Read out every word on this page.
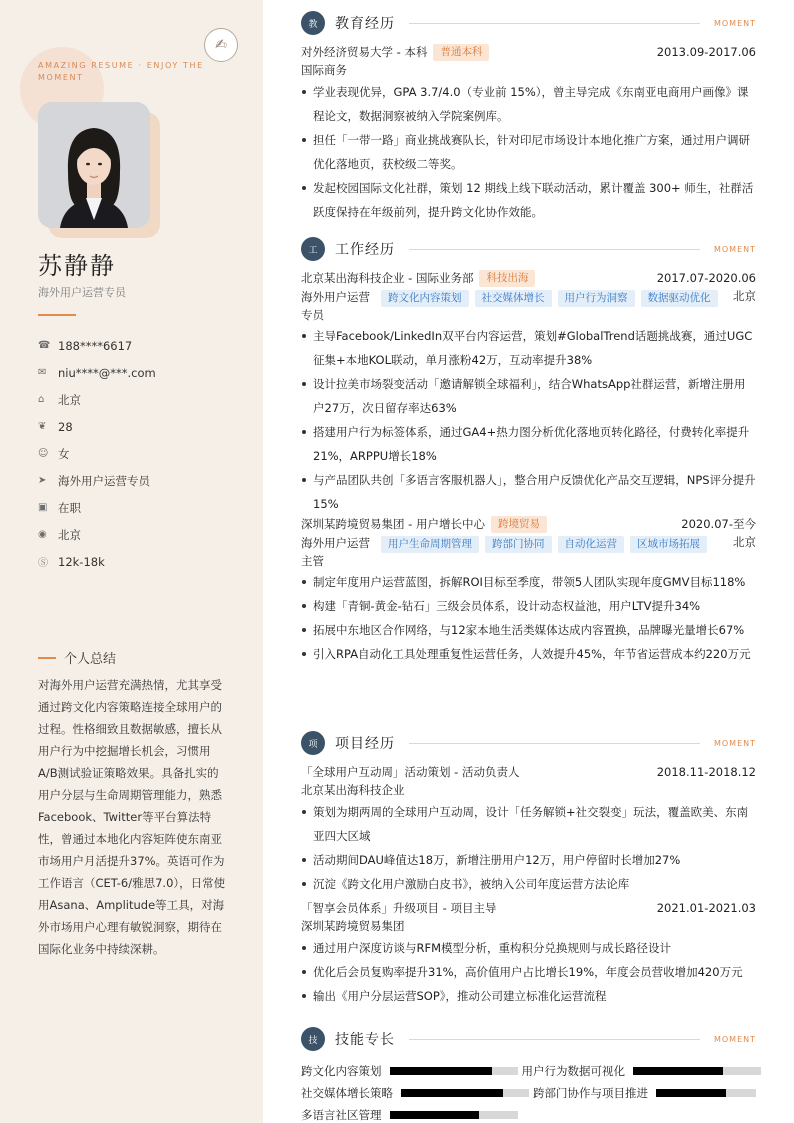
✍
AMAZING RESUME · ENJOY THE MOMENT
苏静静
海外用户运营专员
☎ 188****6617
✉	niu****@***.com
⌂	北京
❦	28
☺ 女
➤	海外用户运营专员
▣ 在职
◉ 北京
Ⓢ 12k-18k
个人总结
对海外用户运营充满热情，尤其享受通过跨文化内容策略连接全球用户的过程。性格细致且数据敏感，擅长从用户行为中挖掘增长机会，习惯用A/B测试验证策略效果。具备扎实的用户分层与生命周期管理能力，熟悉Facebook、Twitter等平台算法特性，曾通过本地化内容矩阵使东南亚市场用户月活提升37%。英语可作为工作语言（CET-6/雅思7.0），日常使用Asana、Amplitude等工具，对海外市场用户心理有敏锐洞察，期待在国际化业务中持续深耕。
教	教育经历	MOMENT
对外经济贸易大学 - 本科	普通本科	2013.09-2017.06
国际商务
学业表现优异，GPA 3.7/4.0（专业前 15%），曾主导完成《东南亚电商用户画像》课程论文，数据洞察被纳入学院案例库。
担任「一带一路」商业挑战赛队长，针对印尼市场设计本地化推广方案，通过用户调研优化落地页，获校级二等奖。
发起校园国际文化社群，策划 12 期线上线下联动活动，累计覆盖 300+ 师生，社群活跃度保持在年级前列，提升跨文化协作效能。
工	工作经历	MOMENT
北京某出海科技企业 - 国际业务部	科技出海	2017.07-2020.06
海外用户运营专员
跨文化内容策划	社交媒体增长	用户行为洞察	数据驱动优化	北京
主导Facebook/LinkedIn双平台内容运营，策划#GlobalTrend话题挑战赛，通过UGC征集+本地KOL联动，单月涨粉42万，互动率提升38%
设计拉美市场裂变活动「邀请解锁全球福利」，结合WhatsApp社群运营，新增注册用户27万，次日留存率达63%
搭建用户行为标签体系，通过GA4+热力图分析优化落地页转化路径，付费转化率提升21%，ARPPU增长18%
与产品团队共创「多语言客服机器人」，整合用户反馈优化产品交互逻辑，NPS评分提升15%
深圳某跨境贸易集团 - 用户增长中心	跨境贸易	2020.07-至今
海外用户运营主管
用户生命周期管理	跨部门协同	自动化运营	区域市场拓展	北京
制定年度用户运营蓝图，拆解ROI目标至季度，带领5人团队实现年度GMV目标118%
构建「青铜-黄金-钻石」三级会员体系，设计动态权益池，用户LTV提升34%
拓展中东地区合作网络，与12家本地生活类媒体达成内容置换，品牌曝光量增长67%
引入RPA自动化工具处理重复性运营任务，人效提升45%，年节省运营成本约220万元
项	项目经历	MOMENT
「全球用户互动周」活动策划 - 活动负责人	2018.11-2018.12
北京某出海科技企业
策划为期两周的全球用户互动周，设计「任务解锁+社交裂变」玩法，覆盖欧美、东南亚四大区域
活动期间DAU峰值达18万，新增注册用户12万，用户停留时长增加27%
沉淀《跨文化用户激励白皮书》，被纳入公司年度运营方法论库
「智享会员体系」升级项目 - 项目主导	2021.01-2021.03
深圳某跨境贸易集团
通过用户深度访谈与RFM模型分析，重构积分兑换规则与成长路径设计
优化后会员复购率提升31%，高价值用户占比增长19%，年度会员营收增加420万元
输出《用户分层运营SOP》，推动公司建立标准化运营流程
技	技能专长	MOMENT
跨文化内容策划	用户行为数据可视化
社交媒体增长策略	跨部门协作与项目推进
多语言社区管理
